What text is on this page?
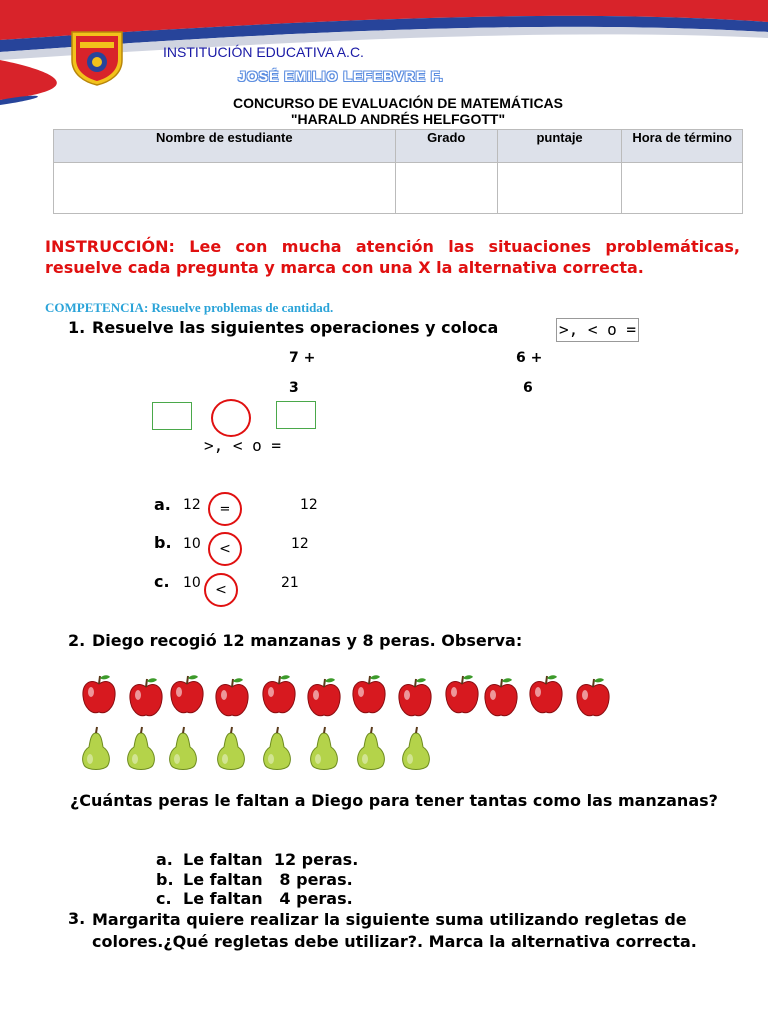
INSTITUCIÓN EDUCATIVA A.C.
JOSÉ EMILIO LEFEBVRE F.
CONCURSO DE EVALUACIÓN DE MATEMÁTICAS
"HARALD ANDRÉS HELFGOTT"
Nombre de estudiante	Grado	puntaje	Hora de término

INSTRUCCIÓN: Lee con mucha atención las situaciones problemáticas, resuelve cada pregunta y marca con una X la alternativa correcta.
COMPETENCIA: Resuelve problemas de cantidad.
1. Resuelve las siguientes operaciones y coloca	>, < o =
7 +
3
6 +
6
>, < o =
a. 12 =	12
b. 10 <	12
c. 10 <	21
2. Diego recogió 12 manzanas y 8 peras. Observa:
¿Cuántas peras le faltan a Diego para tener tantas como las manzanas?
a. Le faltan  12 peras.
b. Le faltan   8 peras.
c. Le faltan   4 peras.
3. Margarita quiere realizar la siguiente suma utilizando regletas de colores.¿Qué regletas debe utilizar?. Marca la alternativa correcta.
